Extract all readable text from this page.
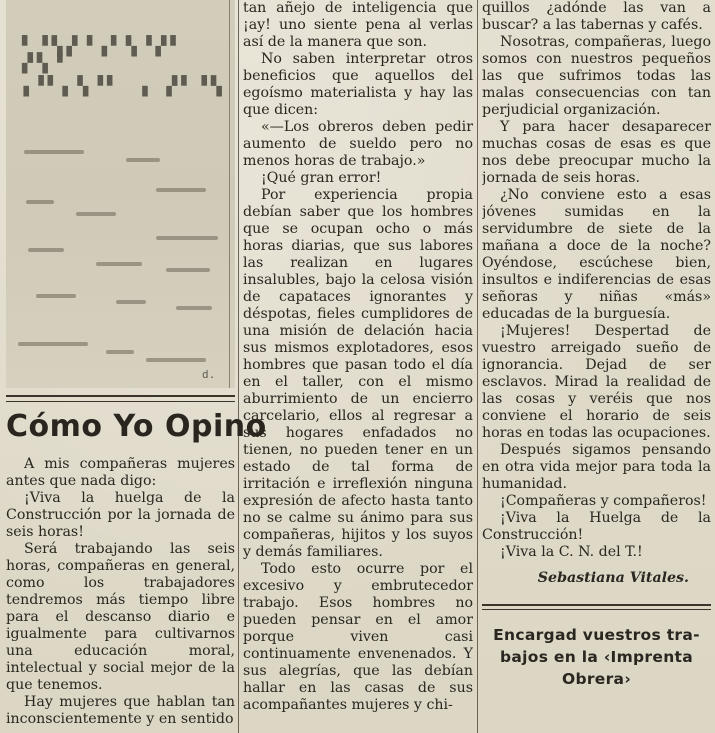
▘▝▚▞▝▗▘▚▝▞▘ ▞▚▝
▗▝▘▖▚▝▘ ▗ ▞▘▝▚
d.
Cómo Yo Opino

A mis compañeras mujeres antes que nada digo:

¡Viva la huelga de la Construcción por la jornada de seis horas!

Será trabajando las seis horas, compañeras en general, como los trabajadores tendremos más tiempo libre para el descanso diario e igualmente para cultivarnos una educación moral, intelectual y social mejor de la que tenemos.

Hay mujeres que hablan tan inconscientemente y en sentido

tan añejo de inteligencia que ¡ay! uno siente pena al verlas así de la manera que son.

No saben interpretar otros beneficios que aquellos del egoísmo materialista y hay las que dicen:

«—Los obreros deben pedir aumento de sueldo pero no menos horas de trabajo.»

¡Qué gran error!

Por experiencia propia debían saber que los hombres que se ocupan ocho o más horas diarias, que sus labores las realizan en lugares insalubles, bajo la celosa visión de capataces ignorantes y déspotas, fieles cumplidores de una misión de delación hacia sus mismos explotadores, esos hombres que pasan todo el día en el taller, con el mismo aburrimiento de un encierro carcelario, ellos al regresar a sus hogares enfadados no tienen, no pueden tener en un estado de tal forma de irritación e irreflexión ninguna expresión de afecto hasta tanto no se calme su ánimo para sus compañeras, hijitos y los suyos y demás familiares.

Todo esto ocurre por el excesivo y embrutecedor trabajo. Esos hombres no pueden pensar en el amor porque viven casi continuamente envenenados. Y sus alegrías, que las debían hallar en las casas de sus acompañantes mujeres y chi-

quillos ¿adónde las van a buscar? a las tabernas y cafés.

Nosotras, compañeras, luego somos con nuestros pequeños las que sufrimos todas las malas consecuencias con tan perjudicial organización.

Y para hacer desaparecer muchas cosas de esas es que nos debe preocupar mucho la jornada de seis horas.

¿No conviene esto a esas jóvenes sumidas en la servidumbre de siete de la mañana a doce de la noche? Oyéndose, escúchese bien, insultos e indiferencias de esas señoras y niñas «más» educadas de la burguesía.

¡Mujeres! Despertad de vuestro arreigado sueño de ignorancia. Dejad de ser esclavos. Mirad la realidad de las cosas y veréis que nos conviene el horario de seis horas en todas las ocupaciones.

Después sigamos pensando en otra vida mejor para toda la humanidad.

¡Compañeras y compañeros!

¡Viva la Huelga de la Construcción!

¡Viva la C. N. del T.!

Sebastiana Vitales.
Encargad vuestros tra-
bajos en la ‹Imprenta
Obrera›
